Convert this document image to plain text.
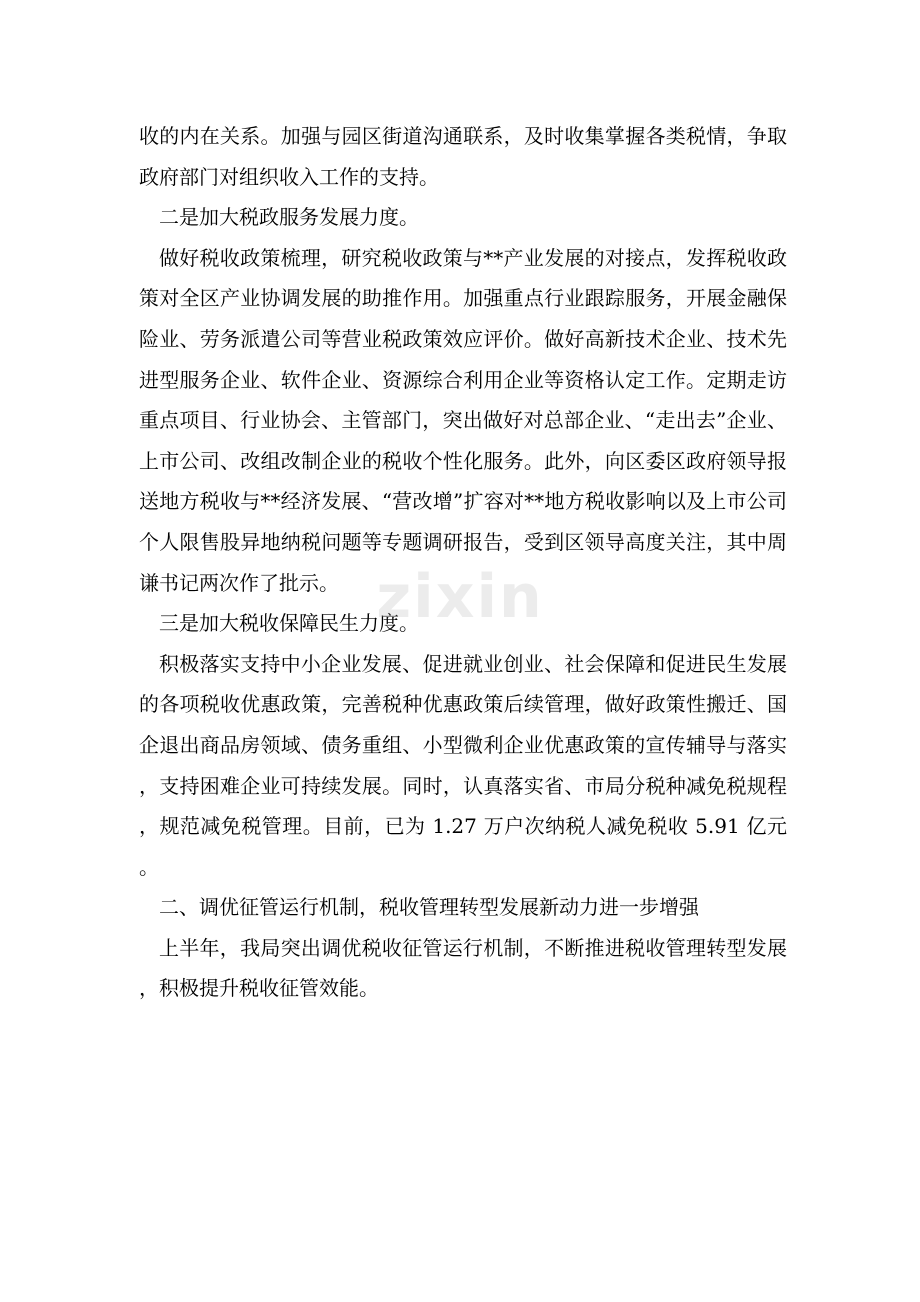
收的内在关系。加强与园区街道沟通联系，及时收集掌握各类税情，争取政府部门对组织收入工作的支持。

二是加大税政服务发展力度。

做好税收政策梳理，研究税收政策与**产业发展的对接点，发挥税收政策对全区产业协调发展的助推作用。加强重点行业跟踪服务，开展金融保险业、劳务派遣公司等营业税政策效应评价。做好高新技术企业、技术先进型服务企业、软件企业、资源综合利用企业等资格认定工作。定期走访重点项目、行业协会、主管部门，突出做好对总部企业、“走出去”企业、上市公司、改组改制企业的税收个性化服务。此外，向区委区政府领导报送地方税收与**经济发展、“营改增”扩容对**地方税收影响以及上市公司个人限售股异地纳税问题等专题调研报告，受到区领导高度关注，其中周谦书记两次作了批示。

三是加大税收保障民生力度。

积极落实支持中小企业发展、促进就业创业、社会保障和促进民生发展的各项税收优惠政策，完善税种优惠政策后续管理，做好政策性搬迁、国企退出商品房领域、债务重组、小型微利企业优惠政策的宣传辅导与落实，支持困难企业可持续发展。同时，认真落实省、市局分税种减免税规程，规范减免税管理。目前，已为 1.27 万户次纳税人减免税收 5.91 亿元。

二、调优征管运行机制，税收管理转型发展新动力进一步增强

上半年，我局突出调优税收征管运行机制，不断推进税收管理转型发展，积极提升税收征管效能。

zixin
